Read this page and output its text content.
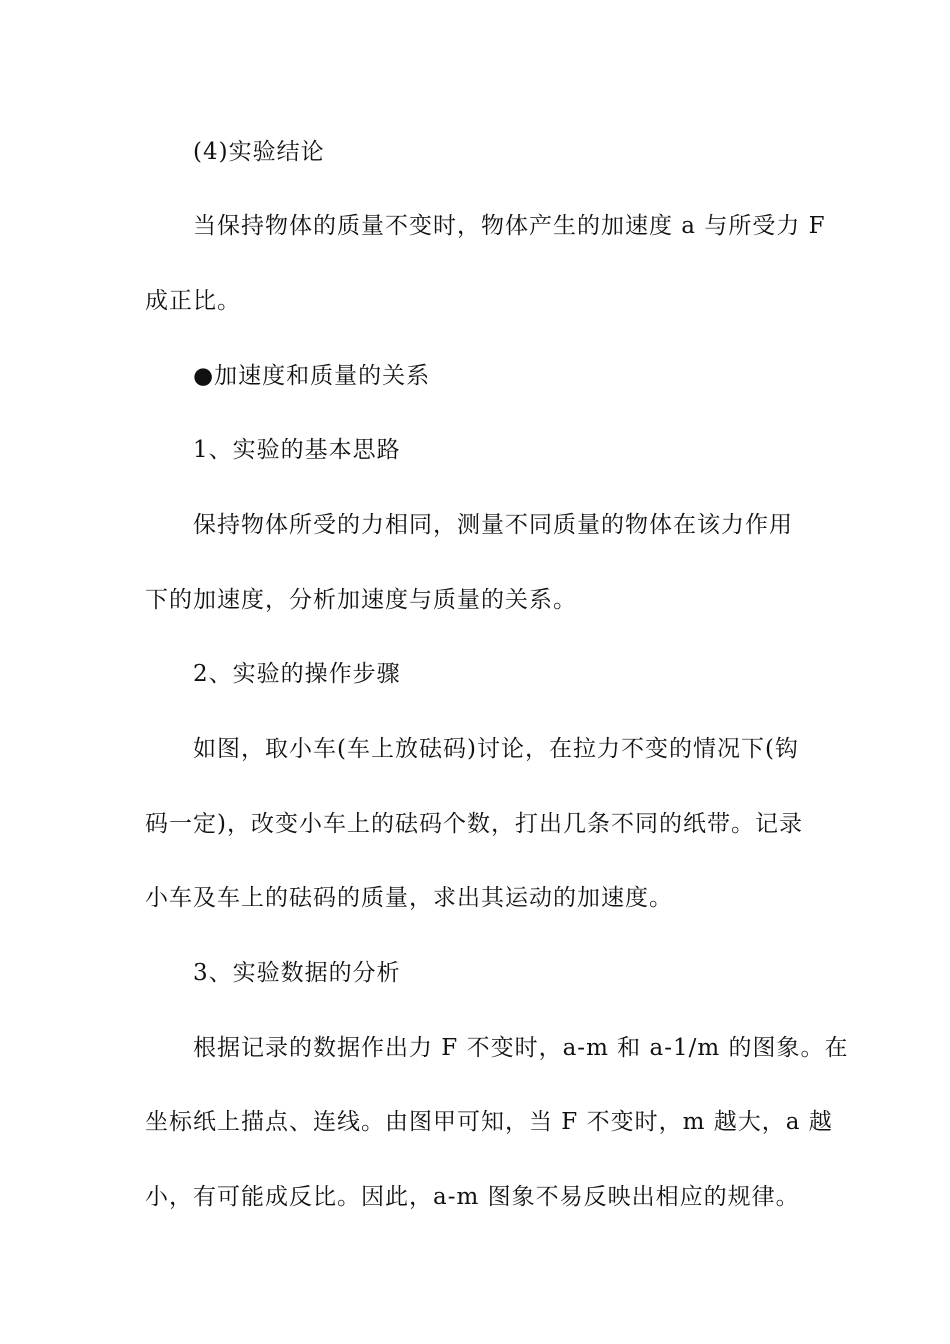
(4)实验结论
当保持物体的质量不变时，物体产生的加速度 a 与所受力 F
成正比。
●加速度和质量的关系
1、实验的基本思路
保持物体所受的力相同，测量不同质量的物体在该力作用
下的加速度，分析加速度与质量的关系。
2、实验的操作步骤
如图，取小车(车上放砝码)讨论，在拉力不变的情况下(钩
码一定)，改变小车上的砝码个数，打出几条不同的纸带。记录
小车及车上的砝码的质量，求出其运动的加速度。
3、实验数据的分析
根据记录的数据作出力 F 不变时，a-m 和 a-1/m 的图象。在
坐标纸上描点、连线。由图甲可知，当 F 不变时，m 越大，a 越
小，有可能成反比。因此，a-m 图象不易反映出相应的规律。
